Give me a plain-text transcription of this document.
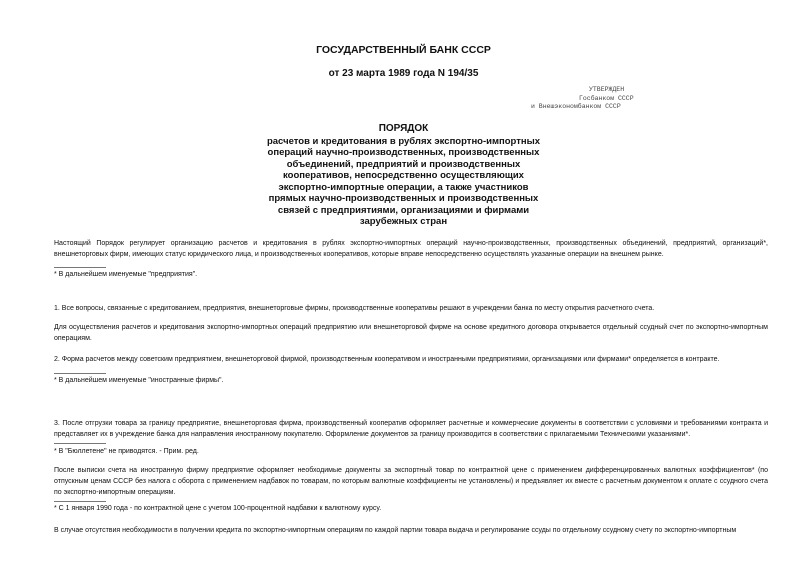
ГОСУДАРСТВЕННЫЙ БАНК СССР
от 23 марта 1989 года N 194/35
УТВЕРЖДЕН
Госбанком СССР
и Внешэкономбанком СССР
ПОРЯДОК
расчетов и кредитования в рублях экспортно-импортных
операций научно-производственных, производственных
объединений, предприятий и производственных
кооперативов, непосредственно осуществляющих
экспортно-импортные операции, а также участников
прямых научно-производственных и производственных
связей с предприятиями, организациями и фирмами
зарубежных стран
Настоящий Порядок регулирует организацию расчетов и кредитования в рублях экспортно-импортных операций научно-производственных, производственных объединений, предприятий, организаций*, внешнеторговых фирм, имеющих статус юридического лица, и производственных кооперативов, которые вправе непосредственно осуществлять указанные операции на внешнем рынке.
* В дальнейшем именуемые "предприятия".
1. Все вопросы, связанные с кредитованием, предприятия, внешнеторговые фирмы, производственные кооперативы решают в учреждении банка по месту открытия расчетного счета.
Для осуществления расчетов и кредитования экспортно-импортных операций предприятию или внешнеторговой фирме на основе кредитного договора открывается отдельный ссудный счет по экспортно-импортным операциям.
2. Форма расчетов между советским предприятием, внешнеторговой фирмой, производственным кооперативом и иностранными предприятиями, организациями или фирмами* определяется в контракте.
* В дальнейшем именуемые "иностранные фирмы".
3. После отгрузки товара за границу предприятие, внешнеторговая фирма, производственный кооператив оформляет расчетные и коммерческие документы в соответствии с условиями и требованиями контракта и представляет их в учреждение банка для направления иностранному покупателю. Оформление документов за границу производится в соответствии с прилагаемыми Техническими указаниями*.
* В "Бюллетене" не приводятся. - Прим. ред.
После выписки счета на иностранную фирму предприятие оформляет необходимые документы за экспортный товар по контрактной цене с применением дифференцированных валютных коэффициентов* (по отпускным ценам СССР без налога с оборота с применением надбавок по товарам, по которым валютные коэффициенты не установлены) и предъявляет их вместе с расчетным документом к оплате с ссудного счета по экспортно-импортным операциям.
* С 1 января 1990 года - по контрактной цене с учетом 100-процентной надбавки к валютному курсу.
В случае отсутствия необходимости в получении кредита по экспортно-импортным операциям по каждой партии товара выдача и регулирование ссуды по отдельному ссудному счету по экспортно-импортным
